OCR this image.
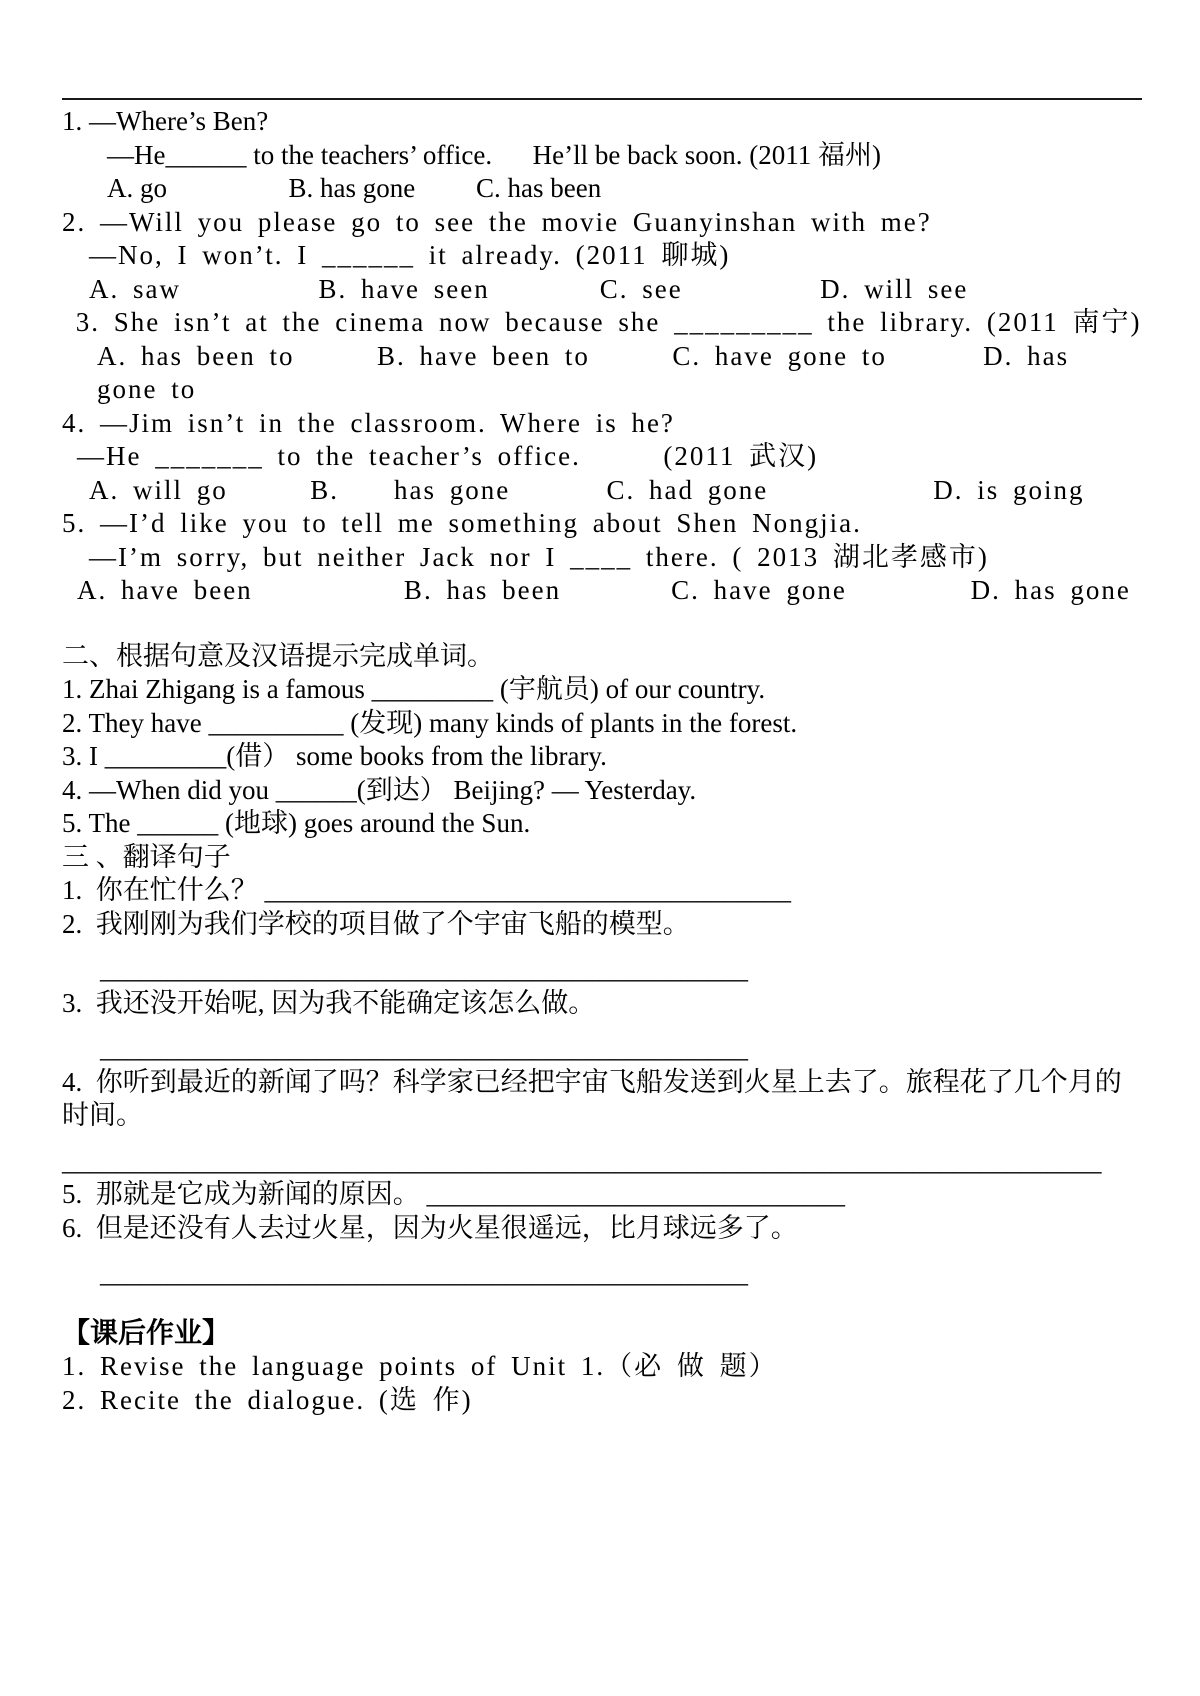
1. —Where’s Ben?
—He______ to the teachers’ office.      He’ll be back soon. (2011 福州)
A. go                  B. has gone         C. has been
2. —Will you please go to see the movie Guanyinshan with me?
—No, I won’t. I ______ it already. (2011 聊城)
A. saw          B. have seen        C. see          D. will see
3. She isn’t at the cinema now because she _________ the library. (2011 南宁)
A. has been to      B. have been to      C. have gone to       D. has gone to
4. —Jim isn’t in the classroom. Where is he?
—He _______ to the teacher’s office.      (2011 武汉)
A. will go      B.    has gone       C. had gone            D. is going
5. —I’d like you to tell me something about Shen Nongjia.
—I’m sorry, but neither Jack nor I ____ there. ( 2013 湖北孝感市)
A. have been           B. has been        C. have gone         D. has gone
二、根据句意及汉语提示完成单词。
1. Zhai Zhigang is a famous _________ (宇航员) of our country.
2. They have __________ (发现) many kinds of plants in the forest.
3. I _________(借） some books from the library.
4. —When did you ______(到达） Beijing? — Yesterday.
5. The ______ (地球) goes around the Sun.
三 、翻译句子
1.  你在忙什么？ _______________________________________
2.  我刚刚为我们学校的项目做了个宇宙飞船的模型。
________________________________________________
3.  我还没开始呢, 因为我不能确定该怎么做。
________________________________________________
4.  你听到最近的新闻了吗？科学家已经把宇宙飞船发送到火星上去了。旅程花了几个月的时间。
_____________________________________________________________________________
5.  那就是它成为新闻的原因。 _______________________________
6.  但是还没有人去过火星，因为火星很遥远，比月球远多了。
________________________________________________
【课后作业】
1. Revise the language points of Unit 1.（必 做 题）
2. Recite the dialogue. (选 作)
